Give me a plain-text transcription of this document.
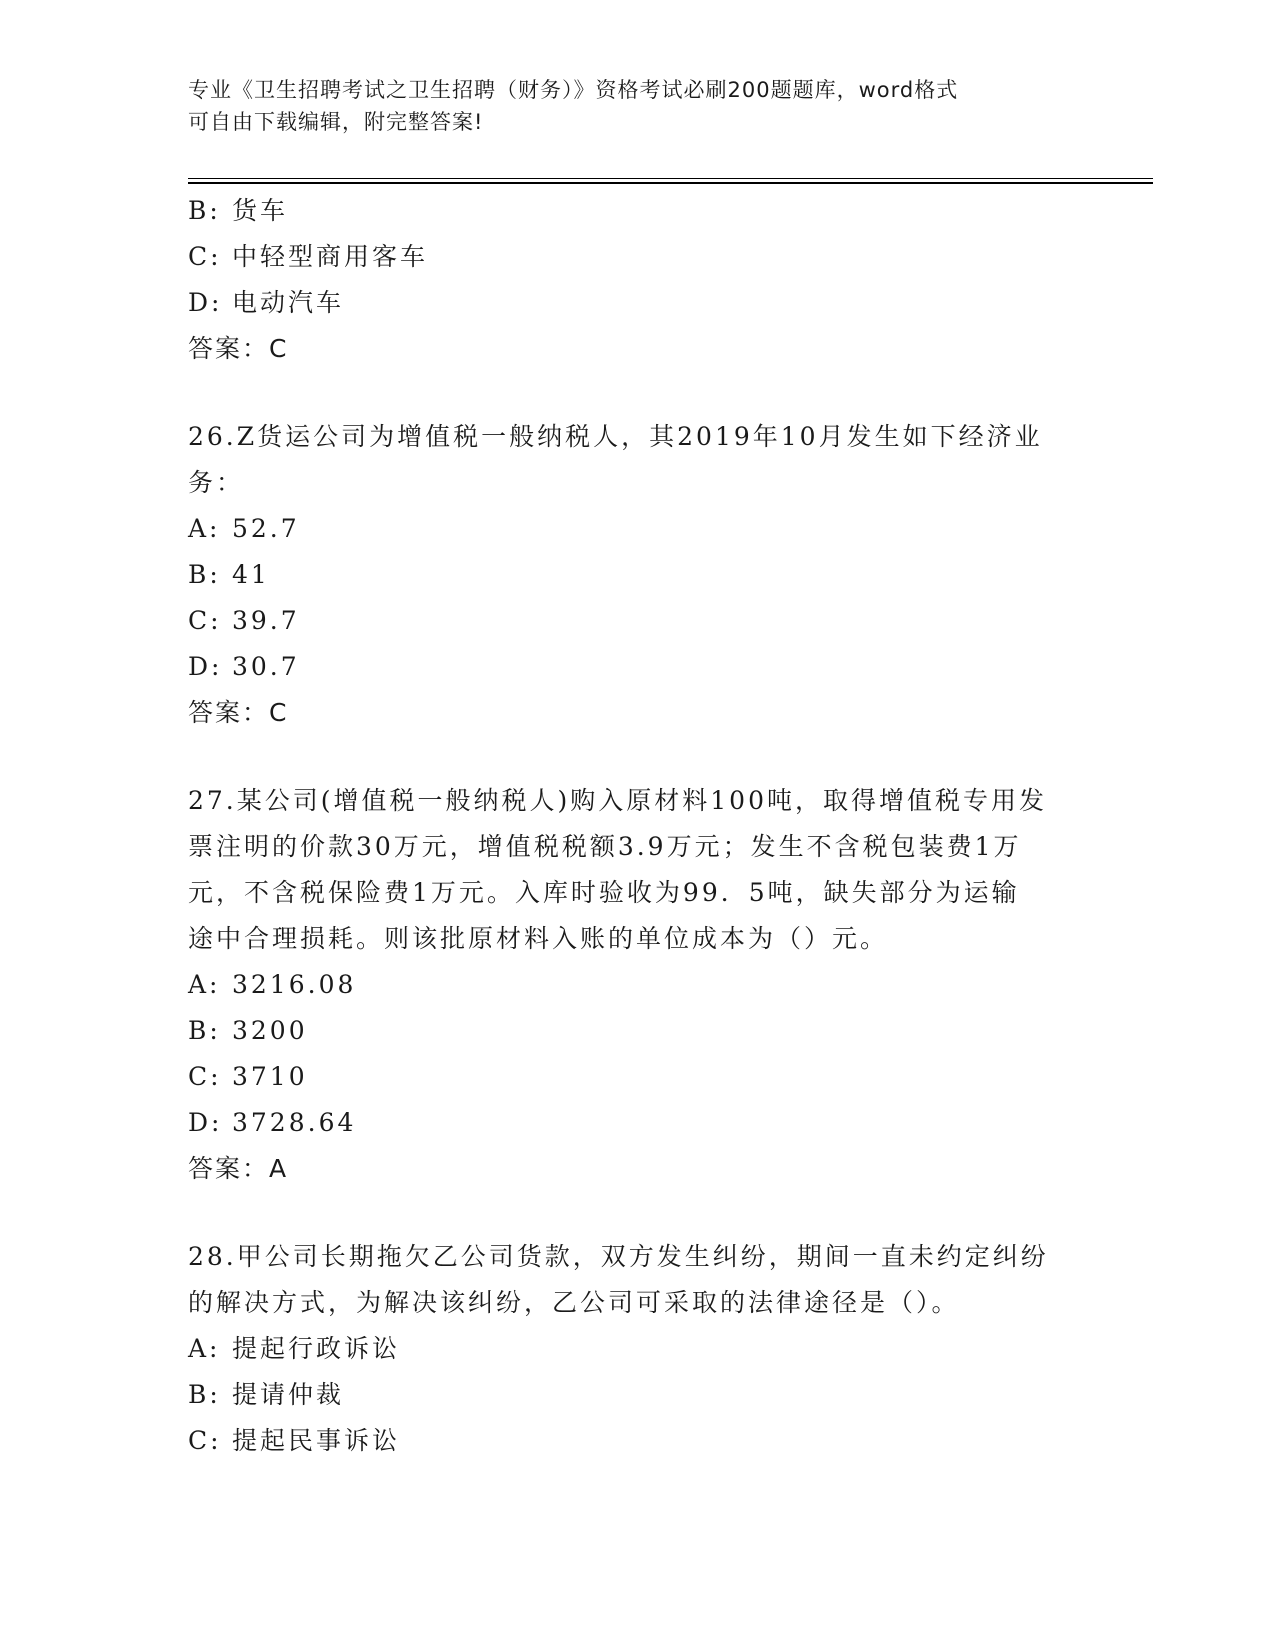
专业《卫生招聘考试之卫生招聘（财务）》资格考试必刷200题题库，word格式
可自由下载编辑，附完整答案!
B: 货车
C: 中轻型商用客车
D: 电动汽车
答案：C
26.Z货运公司为增值税一般纳税人，其2019年10月发生如下经济业
务：
A: 52.7
B: 41
C: 39.7
D: 30.7
答案：C
27.某公司(增值税一般纳税人)购入原材料100吨，取得增值税专用发
票注明的价款30万元，增值税税额3.9万元；发生不含税包装费1万
元，不含税保险费1万元。入库时验收为99．5吨，缺失部分为运输
途中合理损耗。则该批原材料入账的单位成本为（）元。
A: 3216.08
B: 3200
C: 3710
D: 3728.64
答案：A
28.甲公司长期拖欠乙公司货款，双方发生纠纷，期间一直未约定纠纷
的解决方式，为解决该纠纷，乙公司可采取的法律途径是（）。
A: 提起行政诉讼
B: 提请仲裁
C: 提起民事诉讼
